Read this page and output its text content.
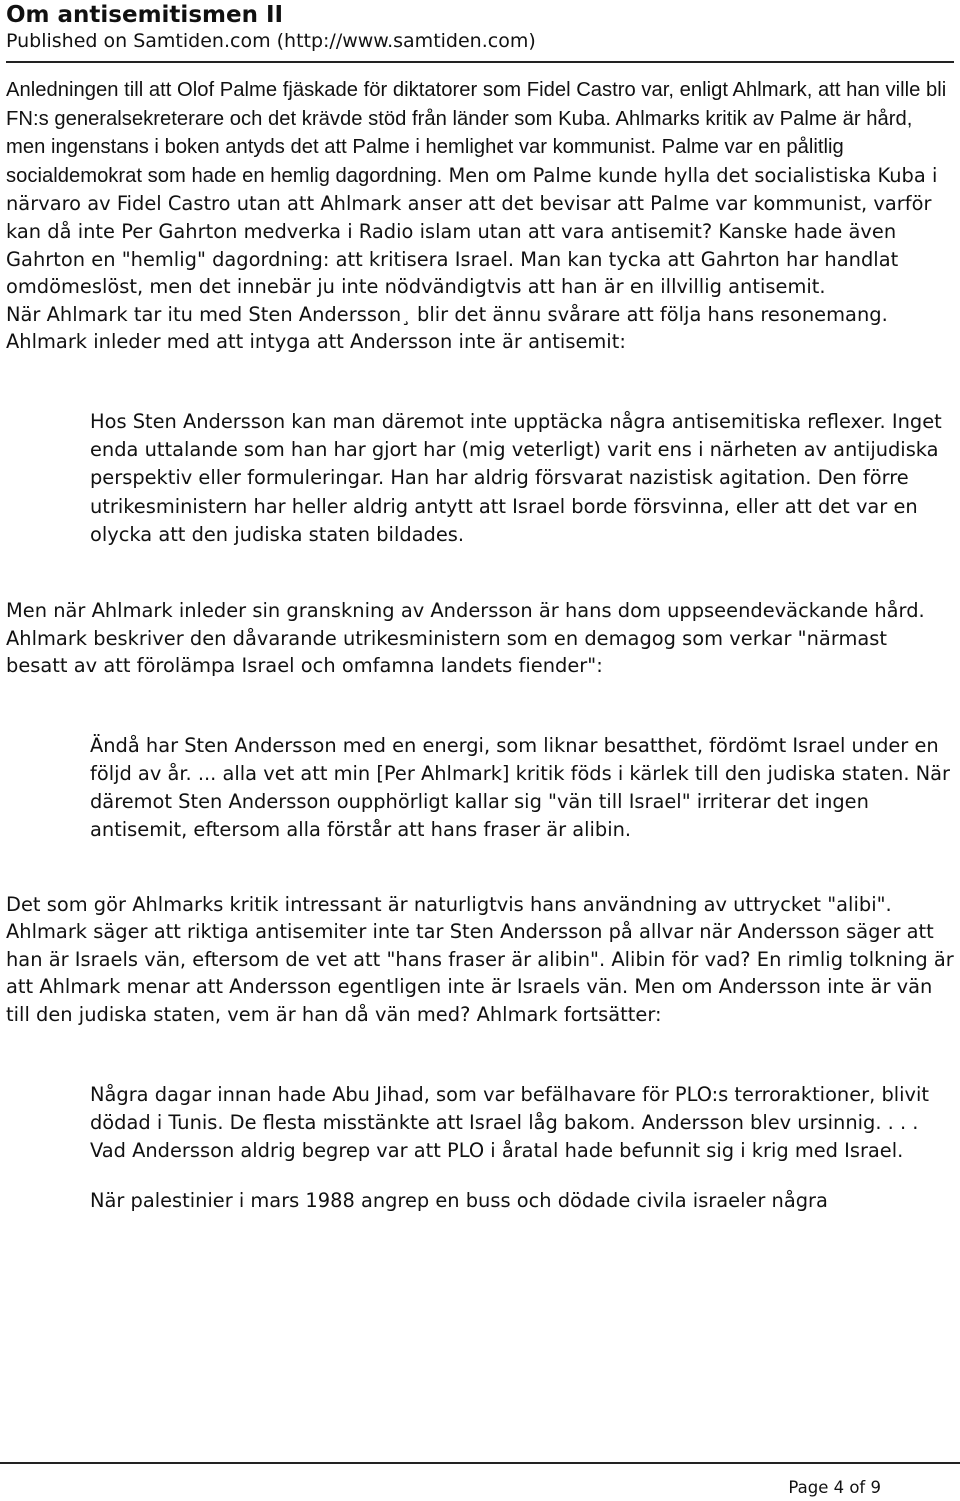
Om antisemitismen II
Published on Samtiden.com (http://www.samtiden.com)

Anledningen till att Olof Palme fjäskade för diktatorer som Fidel Castro var, enligt Ahlmark, att han ville bli FN:s generalsekreterare och det krävde stöd från länder som Kuba. Ahlmarks kritik av Palme är hård, men ingenstans i boken antyds det att Palme i hemlighet var kommunist. Palme var en pålitlig socialdemokrat som hade en hemlig dagordning. Men om Palme kunde hylla det socialistiska Kuba i närvaro av Fidel Castro utan att Ahlmark anser att det bevisar att Palme var kommunist, varför kan då inte Per Gahrton medverka i Radio islam utan att vara antisemit? Kanske hade även Gahrton en "hemlig" dagordning: att kritisera Israel. Man kan tycka att Gahrton har handlat omdömeslöst, men det innebär ju inte nödvändigtvis att han är en illvillig antisemit.

När Ahlmark tar itu med Sten Andersson¸ blir det ännu svårare att följa hans resonemang. Ahlmark inleder med att intyga att Andersson inte är antisemit:

Hos Sten Andersson kan man däremot inte upptäcka några antisemitiska reflexer. Inget enda uttalande som han har gjort har (mig veterligt) varit ens i närheten av antijudiska perspektiv eller formuleringar. Han har aldrig försvarat nazistisk agitation. Den förre utrikesministern har heller aldrig antytt att Israel borde försvinna, eller att det var en olycka att den judiska staten bildades.

Men när Ahlmark inleder sin granskning av Andersson är hans dom uppseendeväckande hård. Ahlmark beskriver den dåvarande utrikesministern som en demagog som verkar "närmast besatt av att förolämpa Israel och omfamna landets fiender":

Ändå har Sten Andersson med en energi, som liknar besatthet, fördömt Israel under en följd av år. ... alla vet att min [Per Ahlmark] kritik föds i kärlek till den judiska staten. När däremot Sten Andersson oupphörligt kallar sig "vän till Israel" irriterar det ingen antisemit, eftersom alla förstår att hans fraser är alibin.

Det som gör Ahlmarks kritik intressant är naturligtvis hans användning av uttrycket "alibi". Ahlmark säger att riktiga antisemiter inte tar Sten Andersson på allvar när Andersson säger att han är Israels vän, eftersom de vet att "hans fraser är alibin". Alibin för vad? En rimlig tolkning är att Ahlmark menar att Andersson egentligen inte är Israels vän. Men om Andersson inte är vän till den judiska staten, vem är han då vän med? Ahlmark fortsätter:

Några dagar innan hade Abu Jihad, som var befälhavare för PLO:s terroraktioner, blivit dödad i Tunis. De flesta misstänkte att Israel låg bakom. Andersson blev ursinnig. . . . Vad Andersson aldrig begrep var att PLO i åratal hade befunnit sig i krig med Israel.

När palestinier i mars 1988 angrep en buss och dödade civila israeler några

Page 4 of 9
